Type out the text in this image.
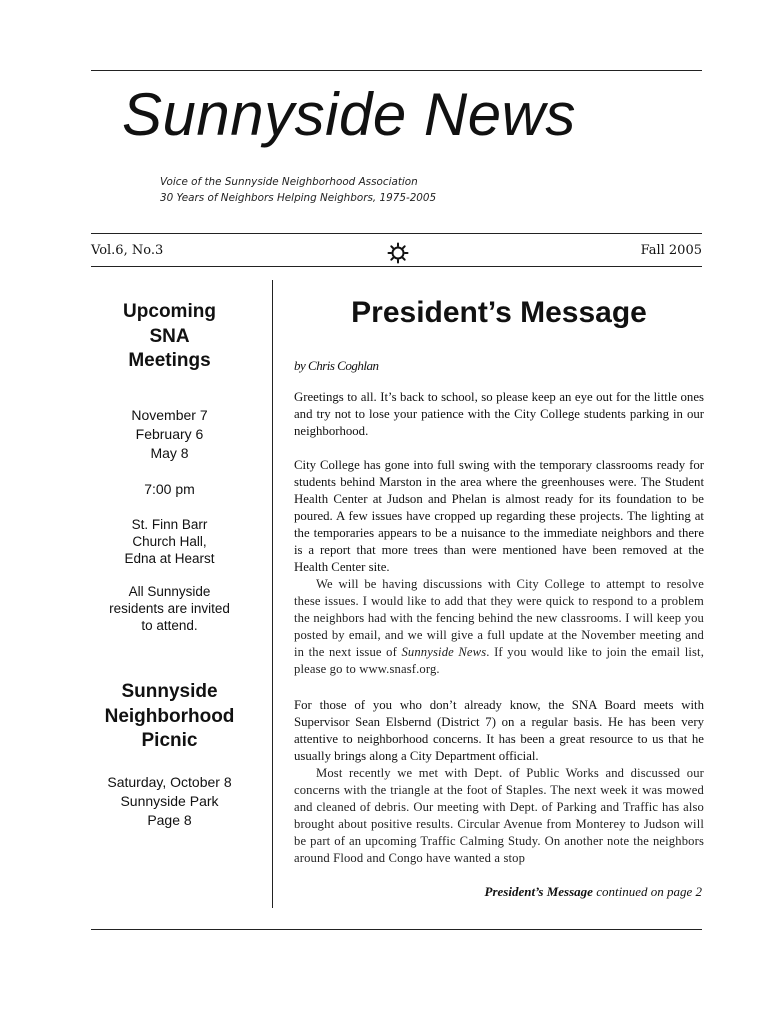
Sunnyside News
Voice of the Sunnyside Neighborhood Association
30 Years of Neighbors Helping Neighbors, 1975-2005
Vol.6, No.3	Fall 2005
Upcoming
SNA
Meetings
November 7
February 6
May 8
7:00 pm
St. Finn Barr
Church Hall,
Edna at Hearst
All Sunnyside
residents are invited
to attend.
Sunnyside
Neighborhood
Picnic
Saturday, October 8
Sunnyside Park
Page 8
President’s Message
by Chris Coghlan

Greetings to all. It’s back to school, so please keep an eye out for the little ones and try not to lose your patience with the City College students parking in our neighborhood.

City College has gone into full swing with the temporary classrooms ready for students behind Marston in the area where the greenhouses were. The Student Health Center at Judson and Phelan is almost ready for its foundation to be poured. A few issues have cropped up regarding these projects. The lighting at the temporaries appears to be a nuisance to the immediate neighbors and there is a report that more trees than were mentioned have been removed at the Health Center site.

We will be having discussions with City College to attempt to resolve these issues. I would like to add that they were quick to respond to a problem the neighbors had with the fencing behind the new classrooms. I will keep you posted by email, and we will give a full update at the November meeting and in the next issue of Sunnyside News. If you would like to join the email list, please go to www.snasf.org.

For those of you who don’t already know, the SNA Board meets with Supervisor Sean Elsbernd (District 7) on a regular basis. He has been very attentive to neighborhood concerns. It has been a great resource to us that he usually brings along a City Department official.

Most recently we met with Dept. of Public Works and discussed our concerns with the triangle at the foot of Staples. The next week it was mowed and cleaned of debris. Our meeting with Dept. of Parking and Traffic has also brought about positive results. Circular Avenue from Monterey to Judson will be part of an upcoming Traffic Calming Study. On another note the neighbors around Flood and Congo have wanted a stop

President’s Message continued on page 2
